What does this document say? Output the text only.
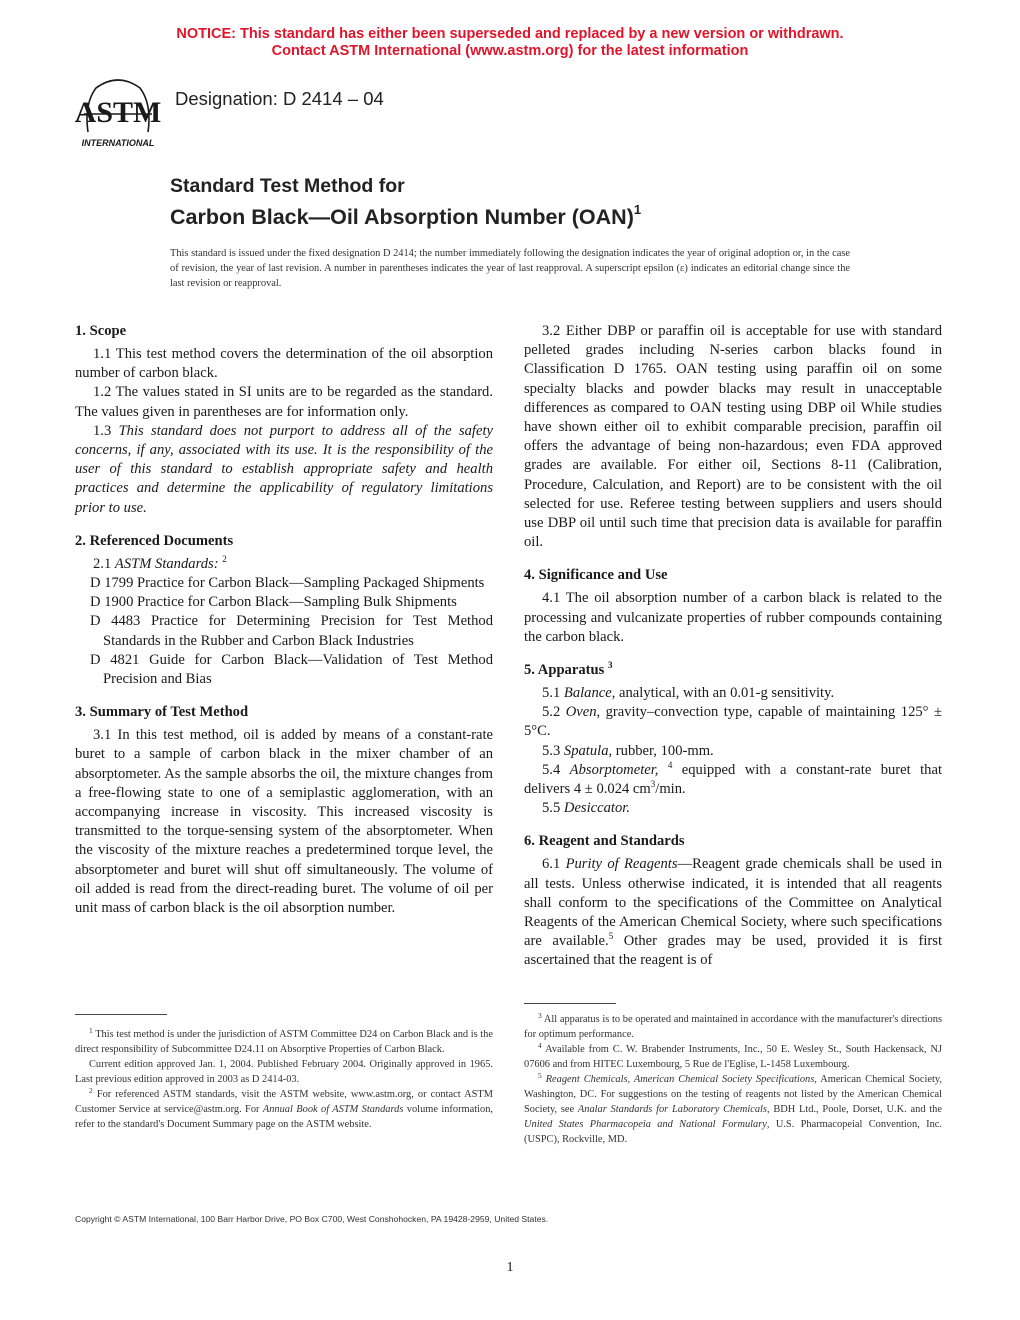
NOTICE: This standard has either been superseded and replaced by a new version or withdrawn.
Contact ASTM International (www.astm.org) for the latest information
ASTM
INTERNATIONAL
Designation: D 2414 – 04
Standard Test Method for
Carbon Black—Oil Absorption Number (OAN)$^1$
This standard is issued under the fixed designation D 2414; the number immediately following the designation indicates the year of original adoption or, in the case of revision, the year of last revision. A number in parentheses indicates the year of last reapproval. A superscript epsilon (ε) indicates an editorial change since the last revision or reapproval.
1. Scope

1.1 This test method covers the determination of the oil absorption number of carbon black.

1.2 The values stated in SI units are to be regarded as the standard. The values given in parentheses are for information only.

1.3 This standard does not purport to address all of the safety concerns, if any, associated with its use. It is the responsibility of the user of this standard to establish appropriate safety and health practices and determine the applicability of regulatory limitations prior to use.

2. Referenced Documents

2.1 ASTM Standards: $^2$

D 1799 Practice for Carbon Black—Sampling Packaged Shipments

D 1900 Practice for Carbon Black—Sampling Bulk Shipments

D 4483 Practice for Determining Precision for Test Method Standards in the Rubber and Carbon Black Industries

D 4821 Guide for Carbon Black—Validation of Test Method Precision and Bias

3. Summary of Test Method

3.1 In this test method, oil is added by means of a constant-rate buret to a sample of carbon black in the mixer chamber of an absorptometer. As the sample absorbs the oil, the mixture changes from a free-flowing state to one of a semiplastic agglomeration, with an accompanying increase in viscosity. This increased viscosity is transmitted to the torque-sensing system of the absorptometer. When the viscosity of the mixture reaches a predetermined torque level, the absorptometer and buret will shut off simultaneously. The volume of oil added is read from the direct-reading buret. The volume of oil per unit mass of carbon black is the oil absorption number.

3.2 Either DBP or paraffin oil is acceptable for use with standard pelleted grades including N-series carbon blacks found in Classification D 1765. OAN testing using paraffin oil on some specialty blacks and powder blacks may result in unacceptable differences as compared to OAN testing using DBP oil While studies have shown either oil to exhibit comparable precision, paraffin oil offers the advantage of being non-hazardous; even FDA approved grades are available. For either oil, Sections 8-11 (Calibration, Procedure, Calculation, and Report) are to be consistent with the oil selected for use. Referee testing between suppliers and users should use DBP oil until such time that precision data is available for paraffin oil.

4. Significance and Use

4.1 The oil absorption number of a carbon black is related to the processing and vulcanizate properties of rubber compounds containing the carbon black.

5. Apparatus $^3$

5.1 Balance, analytical, with an 0.01-g sensitivity.

5.2 Oven, gravity–convection type, capable of maintaining 125° ± 5°C.

5.3 Spatula, rubber, 100-mm.

5.4 Absorptometer, $^4$ equipped with a constant-rate buret that delivers 4 ± 0.024 $cm^3/\min$.

5.5 Desiccator.

6. Reagent and Standards

6.1 Purity of Reagents—Reagent grade chemicals shall be used in all tests. Unless otherwise indicated, it is intended that all reagents shall conform to the specifications of the Committee on Analytical Reagents of the American Chemical Society, where such specifications are available.$^5$ Other grades may be used, provided it is first ascertained that the reagent is of

$^1$ This test method is under the jurisdiction of ASTM Committee D24 on Carbon Black and is the direct responsibility of Subcommittee D24.11 on Absorptive Properties of Carbon Black.

Current edition approved Jan. 1, 2004. Published February 2004. Originally approved in 1965. Last previous edition approved in 2003 as D 2414-03.

$^2$ For referenced ASTM standards, visit the ASTM website, www.astm.org, or contact ASTM Customer Service at service@astm.org. For Annual Book of ASTM Standards volume information, refer to the standard's Document Summary page on the ASTM website.

$^3$ All apparatus is to be operated and maintained in accordance with the manufacturer's directions for optimum performance.

$^4$ Available from C. W. Brabender Instruments, Inc., 50 E. Wesley St., South Hackensack, NJ 07606 and from HITEC Luxembourg, 5 Rue de l'Eglise, L-1458 Luxembourg.

$^5$ Reagent Chemicals, American Chemical Society Specifications, American Chemical Society, Washington, DC. For suggestions on the testing of reagents not listed by the American Chemical Society, see Analar Standards for Laboratory Chemicals, BDH Ltd., Poole, Dorset, U.K. and the United States Pharmacopeia and National Formulary, U.S. Pharmacopeial Convention, Inc. (USPC), Rockville, MD.

Copyright © ASTM International, 100 Barr Harbor Drive, PO Box C700, West Conshohocken, PA 19428-2959, United States.
1
